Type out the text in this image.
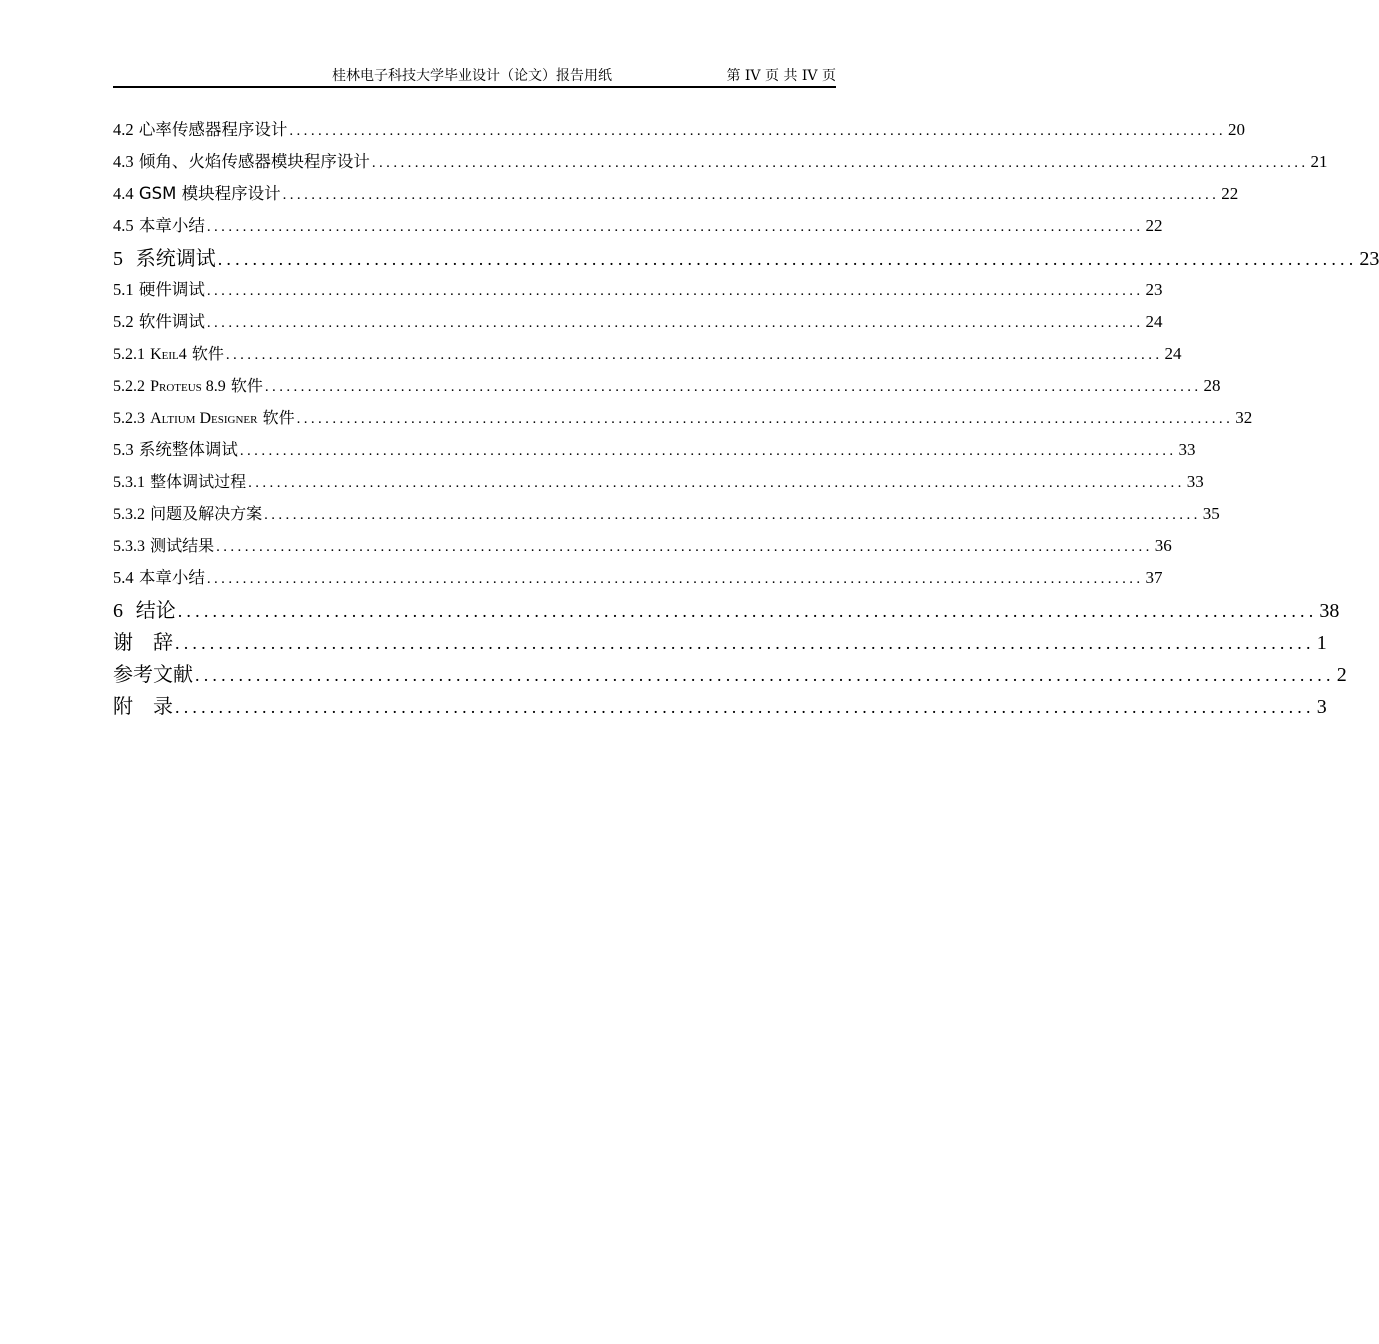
桂林电子科技大学毕业设计（论文）报告用纸	第 IV 页 共 IV 页
4.2 心率传感器程序设计 ................................................................................................................................... 20
4.3 倾角、火焰传感器模块程序设计 ................................................................................................................................... 21
4.4 GSM 模块程序设计 ................................................................................................................................... 22
4.5 本章小结 ................................................................................................................................... 22
5 系统调试 ................................................................................................................................... 23
5.1 硬件调试 ................................................................................................................................... 23
5.2 软件调试 ................................................................................................................................... 24
5.2.1 Keil4 软件 ................................................................................................................................... 24
5.2.2 Proteus 8.9 软件 ................................................................................................................................... 28
5.2.3 Altium Designer 软件 ................................................................................................................................... 32
5.3 系统整体调试 ................................................................................................................................... 33
5.3.1 整体调试过程 ................................................................................................................................... 33
5.3.2 问题及解决方案 ................................................................................................................................... 35
5.3.3 测试结果 ................................................................................................................................... 36
5.4 本章小结 ................................................................................................................................... 37
6 结论 ................................................................................................................................... 38
谢　辞 ................................................................................................................................... 1
参考文献 ................................................................................................................................... 2
附　录 ................................................................................................................................... 3
